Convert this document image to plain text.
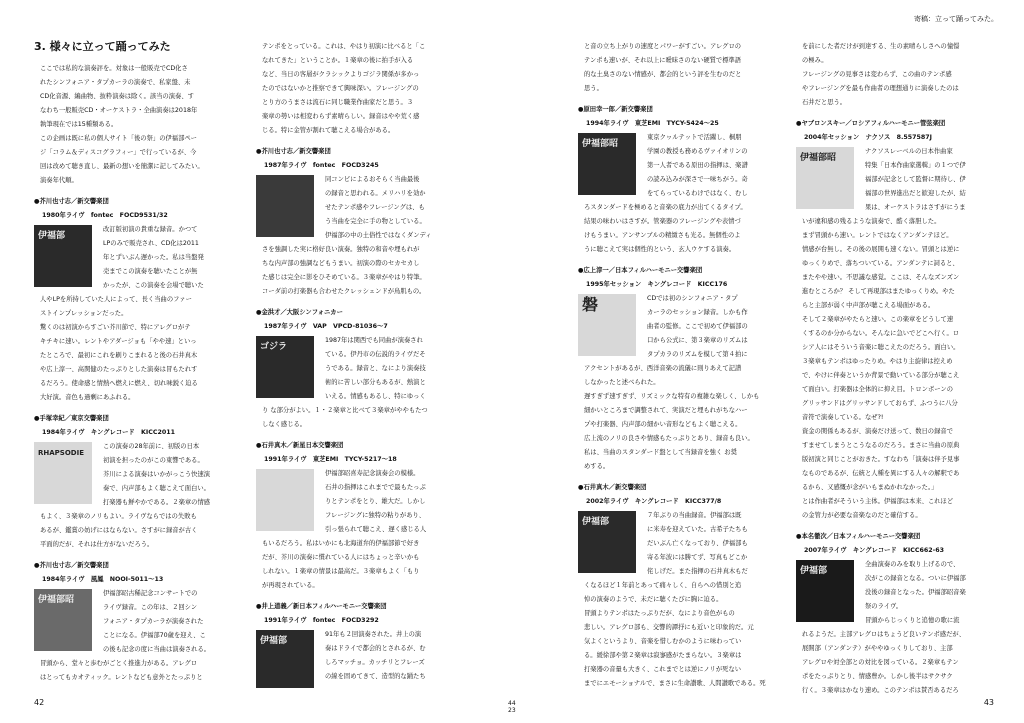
3. 様々に立って踊ってみた

ここでは私的な演奏評を。対象は一般販売でCD化さ

れたシンフォニア・タプカーラの演奏で、私家盤、未

CD化音源、編曲物、抜粋演奏は除く。該当の演奏、す

なわち一般販売CD・オーケストラ・全曲演奏は2018年

執筆現在では15種類ある。

この企画は既に私の個人サイト「後の祭」の伊福部ペー

ジ「コラム＆ディスコグラフィー」で行っているが、今

回は改めて聴き直し、最新の想いを簡潔に記してみたい。

演奏年代順。

●芥川也寸志／新交響楽団
1980年ライヴ　fontec　FOCD9531/32
伊福部

改訂版初演の貴重な録音。かつて

LPのみで販売され、CD化は2011

年とずいぶん遅かった。私は当盤発

売までこの演奏を聴いたことが無

かったが、この演奏を会場で聴いた

人やLPを所持していた人によって、長く当曲のファー

ストインプレッションだった。

驚くのは初演からすごい芥川節で、特にアレグロがテ

キチキに速い。レントやアダージョも「やや速」といっ

たところで、最初にこれを刷りこまれると後の石井真木

や広上淳一、高関健のたっぷりとした演奏は冒もたれす

るだろう。使命感と情熱へ燃えに燃え、切れ味鋭く迫る

大好演。音色も過剰にあふれる。

●手塚幸紀／東京交響楽団
1984年ライヴ　キングレコード　KICC2011
RHAPSODIE

この演奏の28年前に、初版の日本

初演を担ったのがこの東響である。

芥川による演奏はいかがっこう快速演

奏で、内声部もよく聴こえて面白い。

打楽器も鮮やかである。２楽章の情感

もよく、３楽章のノリもよい。ライヴならではの失敗も

あるが、鑑賞の妨げにはならない。さすがに録音が古く

平面的だが、それは仕方がないだろう。

●芥川也寸志／新交響楽団
1984年ライヴ　風鳳　NOOI-5011～13
伊福部昭

伊福部昭古稀記念コンサートでの

ライヴ録音。この年は、２回シン

フォニア・タプカーラが演奏された

ことになる。伊福部70歳を迎え、こ

の後も記念の度に当曲は演奏される。

冒頭から、堂々と歩むがごとく推進力がある。アレグロ

はとってもカオティック。レントなども意外とたっぷりと

テンポをとっている。これは、やはり初演に比べると「こ

なれてきた」ということか。１楽章の後に拍手が入る

など、当日の客層がクラシックよりゴジラ関係が多かっ

たのではないかと推察できて興味深い。フレージングの

とり方のうまさは流石に同じ職業作曲家だと思う。３

楽章の勢いは相変わらず素晴らしい。録音はやや荒く感

じる。特に金管が割れて聴こえる場合がある。

●芥川也寸志／新交響楽団
1987年ライヴ　fontec　FOCD3245

同コンビによるおそらく当曲最後

の録音と思われる。メリハリを効か

せたテンポ感やフレージングは、も

う当曲を完全に手の物としている。

伊福部の中の土俗性ではなくダンディ

さを強調した実に格好良い演奏。独特の和音や埋もれが

ちな内声部の強調などもうまい。初演の際のセカセカし

た感じは完全に影をひそめている。３楽章がやはり特筆。

コーダ前の打楽器も合わせたクレッシェンドが鳥肌もの。

●金洪才／大阪シンフォニカー
1987年ライヴ　VAP　VPCD-81036～7
ゴジラ

1987年は関西でも同曲が演奏され

ている。伊丹市の伝説的ライヴだそ

うである。録音と、なにより演奏技

術的に苦しい部分もあるが、熱演と

いえる。情感もあるし、特にゆっく

り な部分がよい。１・２楽章と比べて３楽章がややもたつ

しなく感じる。

●石井真木／新星日本交響楽団
1991年ライヴ　東芝EMI　TYCY-5217～18

伊福部昭喜寿記念演奏会の模様。

石井の指揮はこれまでで最もたっぷ

りとテンポをとり、雄大だ。しかし

フレージングに独特の粘りがあり、

引っ張られて聴こえ、遅く感じる人

もいるだろう。私はいかにも北海道弁的伊福部節で好き

だが、芥川の演奏に慣れている人にはちょっと辛いかも

しれない。１楽章の情景は最高だ。３楽章もよく「もり

が再現されている。

●井上道義／新日本フィルハーモニー交響楽団
1991年ライヴ　fontec　FOCD3292
伊福部

91年も２回演奏された。井上の演

奏はドライで都会的とされるが、む

しろマッチョ。カッチリとフレーズ

の線を固めてきて、造型的な踊たち

42	44
23
寄稿：立って踊ってみた。

と音の立ち上がりの速度とパワーがすごい。アレグロの

テンポも速いが、それ以上に曖昧さのない硬質で標準語

的な土臭さのない情感が、都会的という評を生むのだと

思う。

●原田幸一郎／新交響楽団
1994年ライヴ　東芝EMI　TYCY-5424～25
伊福部昭

東京クヮルテットで活躍し、桐朋

学園の教授も務めるヴァイオリンの

第一人者である原田の指揮は、楽譜

の読み込みが深さで一味ちがう。奇

をてらっているわけではなく、むし

ろスタンダードを極めると音楽の底力が出てくるタイプ。

結果の味わいはさすが。管楽器のフレージングや表情づ

けもうまい。アンサンブルの精緻さも光る。無個性のよ

うに聴こえて実は個性的という、玄人ウケする演奏。

●広上淳一／日本フィルハーモニー交響楽団
1995年セッション　キングレコード　KICC176
磐	CDでは初のシンフォニア・タプ

カーラのセッション録音。しかも作

曲者の監修。ここで初めて伊福部の

口から公式に、第３楽章のリズムは

タプカラのリズムを模して第４拍に

アクセントがあるが、西洋音楽の流儀に則りあえて記譜

しなかったと述べられた。

遅すぎず速すぎず、リズミックな特有の複雑な楽しく、しかも

細かいところまで調整されて、実演だと埋もれがちなハー

プや打楽器、内声部の細かい音形などもよく聴こえる。

広上流のノリの良さや情感もたっぷりとあり、録音も良い。

私は、当曲のスタンダード盤として当録音を強く お奨

めする。

●石井真木／新交響楽団
2002年ライヴ　キングレコード　KICC377/8
伊福部

７年ぶりの当曲録音。伊福部は既

に米寿を迎えていた。古希子たちも

だいぶん亡くなっており、伊福部も

寄る年波には勝てず、写真もどこか

侘しげだ。また指揮の石井真木もだ

くなるほど１年前とあって痛々しく、自らへの惜別と追

悼の演奏のようで、未だに聴くたびに胸に迫る。

冒頭よりテンポはたっぷりだが、なにより音色がもの

悲しい。アレグロ部も、交響的譚抒にも近いと印象的だ。元

気よくというより、音楽を惜しむかのように味わってい

る。緩徐部や第２楽章は寂寥感がたまらない。３楽章は

打楽器の音量も大きく、これまでとは逆にノリが死ない

までにエモーショナルで、まさに生命讃歌、人間讃歌である。死

を前にした者だけが到達する、生の素晴らしさへの憧憬

の極み。

フレージングの見事さは変わらず、この曲のテンポ感

やフレージングを最も作曲者の理想通りに演奏したのは

石井だと思う。

●ヤブロンスキー／ロシアフィルハーモニー管弦楽団
2004年セッション　ナクソス　8.557587J
伊福部昭

ナクソスレーベルの日本作曲家

特集「日本作曲家選輯」の１つで伊

福部が記念として監督に期待し、伊

福部の世界進出だと歓迎したが、結

果は、オーケストラはさすがにうま

いが違和感の残るような演奏で、酷く落胆した。

まず冒頭から速い。レントではなくアンダンテほど。

情感が台無し。その後の展開も速くない。冒頭とは逆に

ゆっくりめで、落ちついている。アンダンテに詞ると、

またやや速い。不思議な感覚。ここは、そんなズンズン

進むところか？ そして再現部はまたゆっくりめ。やた

らと主部が弱く中声部が聴こえる場面がある。

そして２楽章がやたらと速い。この楽章をどうして速

くするのか分からない。そんなに急いでどこへ行く。ロ

シア人にはそういう音楽に聴こえたのだろう。面白い。

３楽章もテンポはゆったりめ。やはり主旋律は控えめ

で、やけに伴奏というか背景で動いている部分が聴こえ

て面白い。打楽器は全体的に抑え目。トロンボーンの

グリッサンドはグリッサンドしておらず、ふつうに八分

音符で演奏している。なぜ?!

資金の関係もあるが、演奏だけ送って、数日の録音で

すませてしまうとこうなるのだろう。まさに当曲の原典

版初演と同じことがおきた。すなわち「演奏は伴予見事

なものであるが、伝統と人種を異にする人々の解釈であ

るから、又感慨が念がいもまぬかれなかった。」

とは作曲者がそういう主体。伊福部は本来、これほど

の金管力が必要な音楽なのだと確信する。

●本名徹次／日本フィルハーモニー交響楽団
2007年ライヴ　キングレコード　KICC662-63
伊福部

全曲演奏のみを取り上げるので、

次がこの録音となる。ついに伊福部

没後の録音となった。伊福部昭音楽

祭のライヴ。

冒頭からじっくりと追憶の歌に流

れるようだ。主部アレグロはちょうど良いテンポ感だが、

展開部（アンダンテ）がややゆっくりしており、主部

アレグロや対全部との対比を図っている。２楽章もテン

ポをたっぷりとり、情感豊か。しかし後半はサクサク

行く。３楽章はかなり速め。このテンポは賛否あるだろ

43
